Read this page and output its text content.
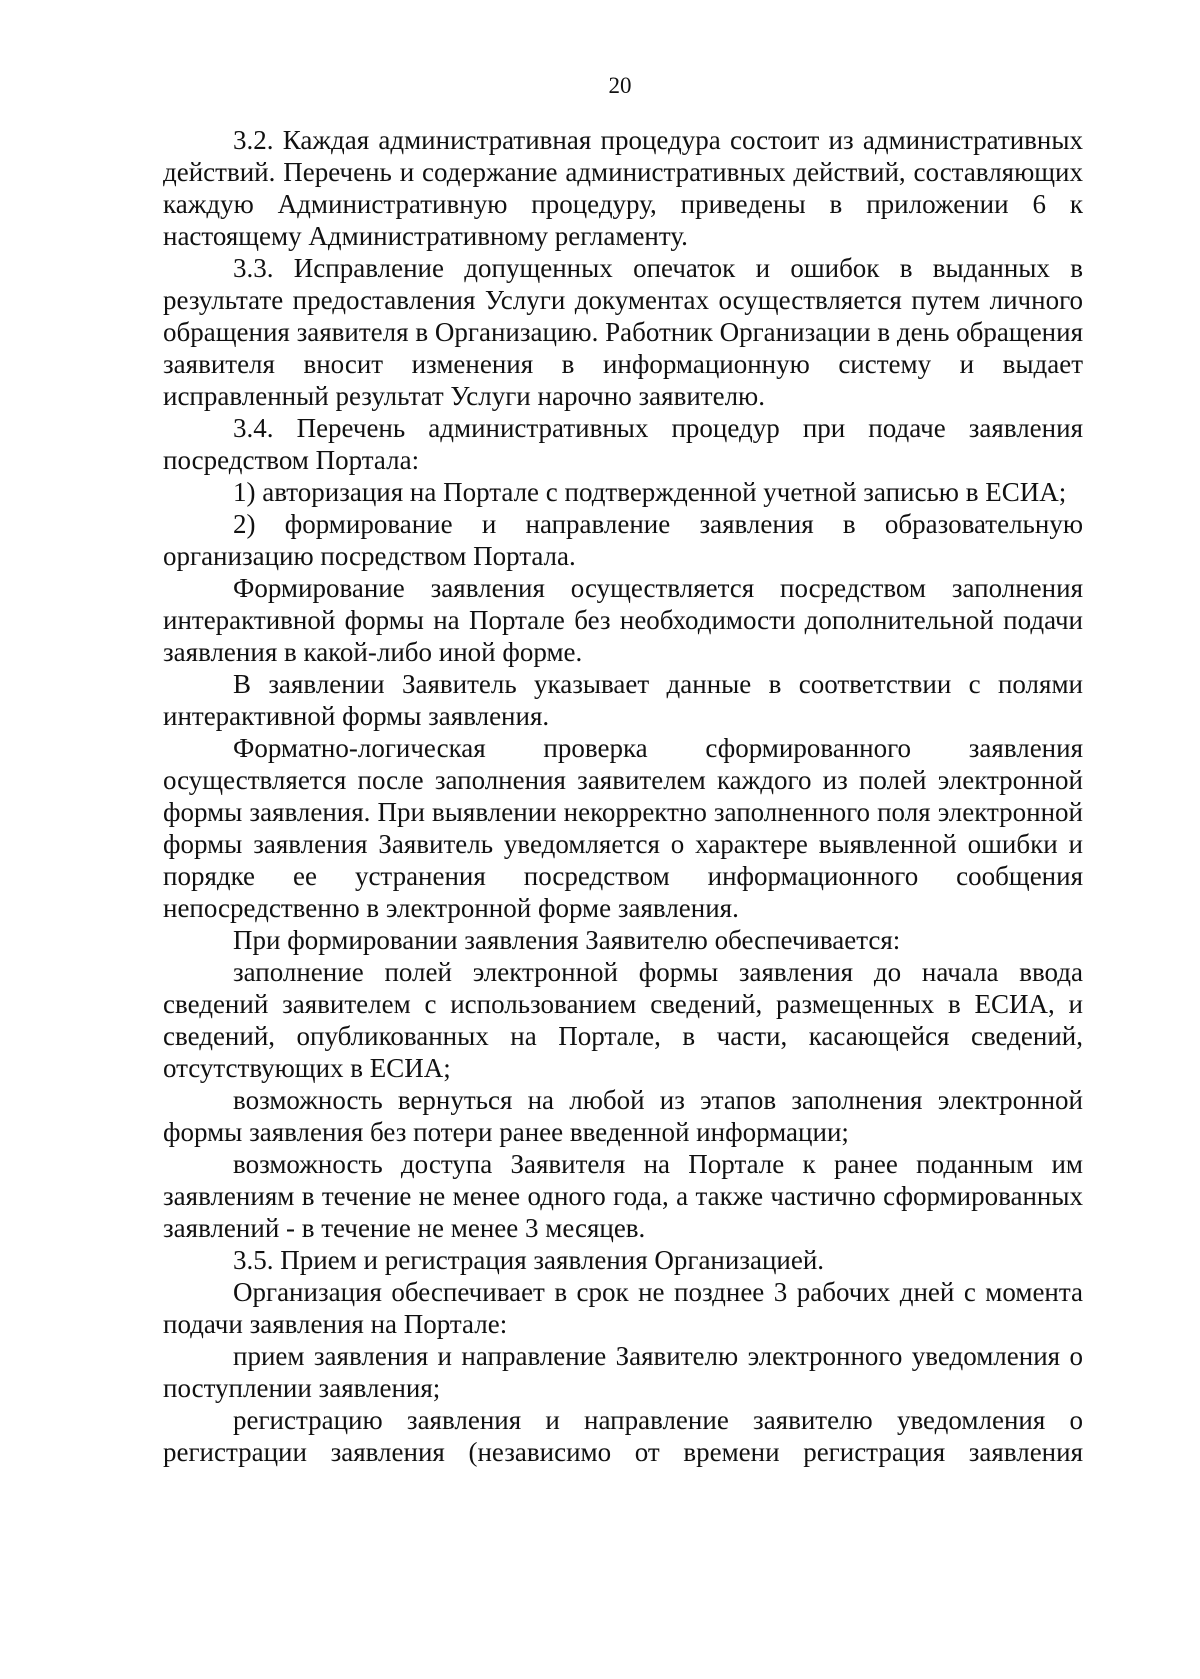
20

3.2. Каждая административная процедура состоит из административных действий. Перечень и содержание административных действий, составляющих каждую Административную процедуру, приведены в приложении 6 к настоящему Административному регламенту.

3.3. Исправление допущенных опечаток и ошибок в выданных в результате предоставления Услуги документах осуществляется путем личного обращения заявителя в Организацию. Работник Организации в день обращения заявителя вносит изменения в информационную систему и выдает исправленный результат Услуги нарочно заявителю.

3.4. Перечень административных процедур при подаче заявления посредством Портала:

1) авторизация на Портале с подтвержденной учетной записью в ЕСИА;

2) формирование и направление заявления в образовательную организацию посредством Портала.

Формирование заявления осуществляется посредством заполнения интерактивной формы на Портале без необходимости дополнительной подачи заявления в какой-либо иной форме.

В заявлении Заявитель указывает данные в соответствии с полями интерактивной формы заявления.

Форматно-логическая проверка сформированного заявления осуществляется после заполнения заявителем каждого из полей электронной формы заявления. При выявлении некорректно заполненного поля электронной формы заявления Заявитель уведомляется о характере выявленной ошибки и порядке ее устранения посредством информационного сообщения непосредственно в электронной форме заявления.

При формировании заявления Заявителю обеспечивается:

заполнение полей электронной формы заявления до начала ввода сведений заявителем с использованием сведений, размещенных в ЕСИА, и сведений, опубликованных на Портале, в части, касающейся сведений, отсутствующих в ЕСИА;

возможность вернуться на любой из этапов заполнения электронной формы заявления без потери ранее введенной информации;

возможность доступа Заявителя на Портале к ранее поданным им заявлениям в течение не менее одного года, а также частично сформированных заявлений - в течение не менее 3 месяцев.

3.5. Прием и регистрация заявления Организацией.

Организация обеспечивает в срок не позднее 3 рабочих дней с момента подачи заявления на Портале:

прием заявления и направление Заявителю электронного уведомления о поступлении заявления;

регистрацию заявления и направление заявителю уведомления о регистрации заявления (независимо от времени регистрация заявления
